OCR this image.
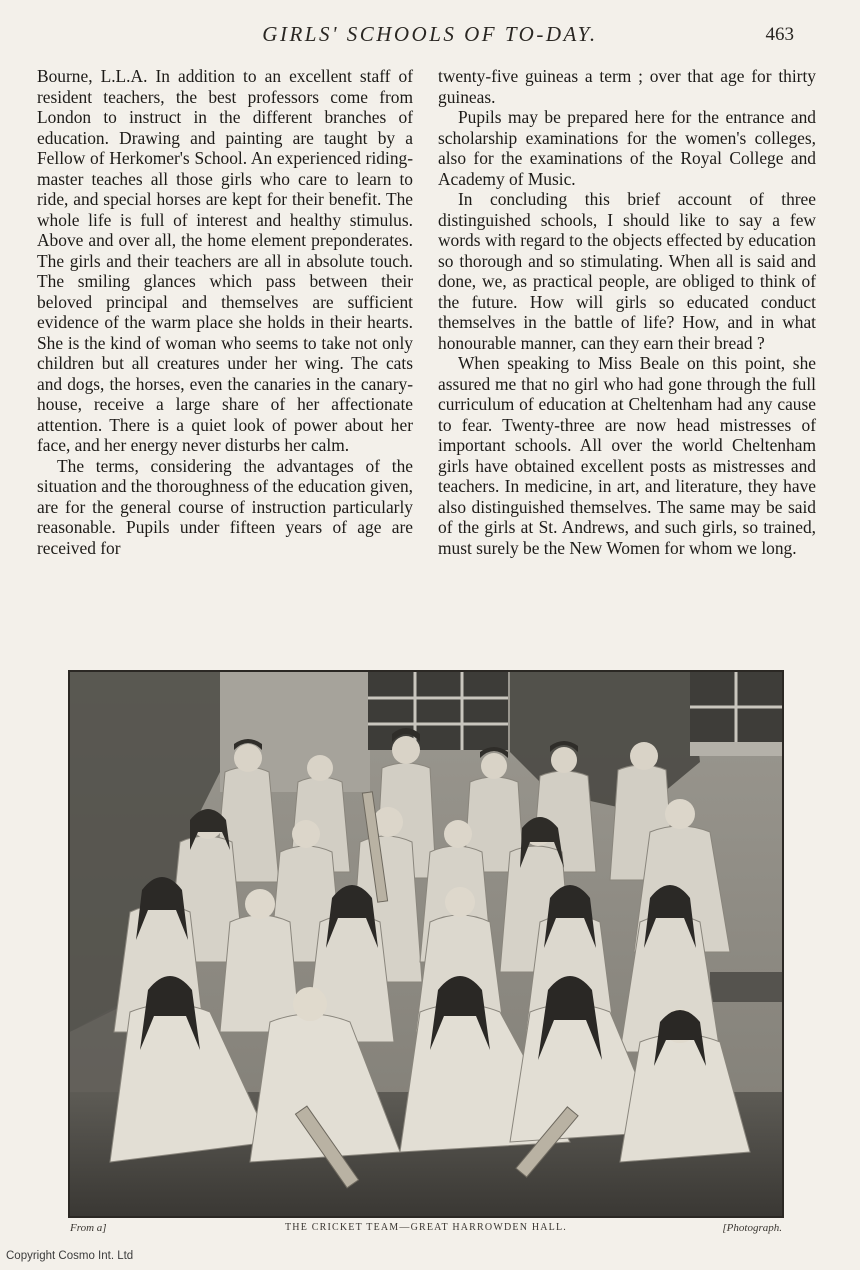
GIRLS' SCHOOLS OF TO-DAY.	463

Bourne, L.L.A. In addition to an excellent staff of resident teachers, the best professors come from London to instruct in the different branches of education. Drawing and painting are taught by a Fellow of Herkomer's School. An experienced riding-master teaches all those girls who care to learn to ride, and special horses are kept for their benefit. The whole life is full of interest and healthy stimulus. Above and over all, the home element preponderates. The girls and their teachers are all in absolute touch. The smiling glances which pass between their beloved principal and themselves are sufficient evidence of the warm place she holds in their hearts. She is the kind of woman who seems to take not only children but all creatures under her wing. The cats and dogs, the horses, even the canaries in the canary-house, receive a large share of her affectionate attention. There is a quiet look of power about her face, and her energy never disturbs her calm.

The terms, considering the advantages of the situation and the thoroughness of the education given, are for the general course of instruction particularly reasonable. Pupils under fifteen years of age are received for

twenty-five guineas a term ; over that age for thirty guineas.

Pupils may be prepared here for the entrance and scholarship examinations for the women's colleges, also for the examinations of the Royal College and Academy of Music.

In concluding this brief account of three distinguished schools, I should like to say a few words with regard to the objects effected by education so thorough and so stimulating. When all is said and done, we, as practical people, are obliged to think of the future. How will girls so educated conduct themselves in the battle of life? How, and in what honourable manner, can they earn their bread ?

When speaking to Miss Beale on this point, she assured me that no girl who had gone through the full curriculum of education at Cheltenham had any cause to fear. Twenty-three are now head mistresses of important schools. All over the world Cheltenham girls have obtained excellent posts as mistresses and teachers. In medicine, in art, and literature, they have also distinguished themselves. The same may be said of the girls at St. Andrews, and such girls, so trained, must surely be the New Women for whom we long.

From a]	THE CRICKET TEAM—GREAT HARROWDEN HALL.	[Photograph.
Copyright Cosmo Int. Ltd
